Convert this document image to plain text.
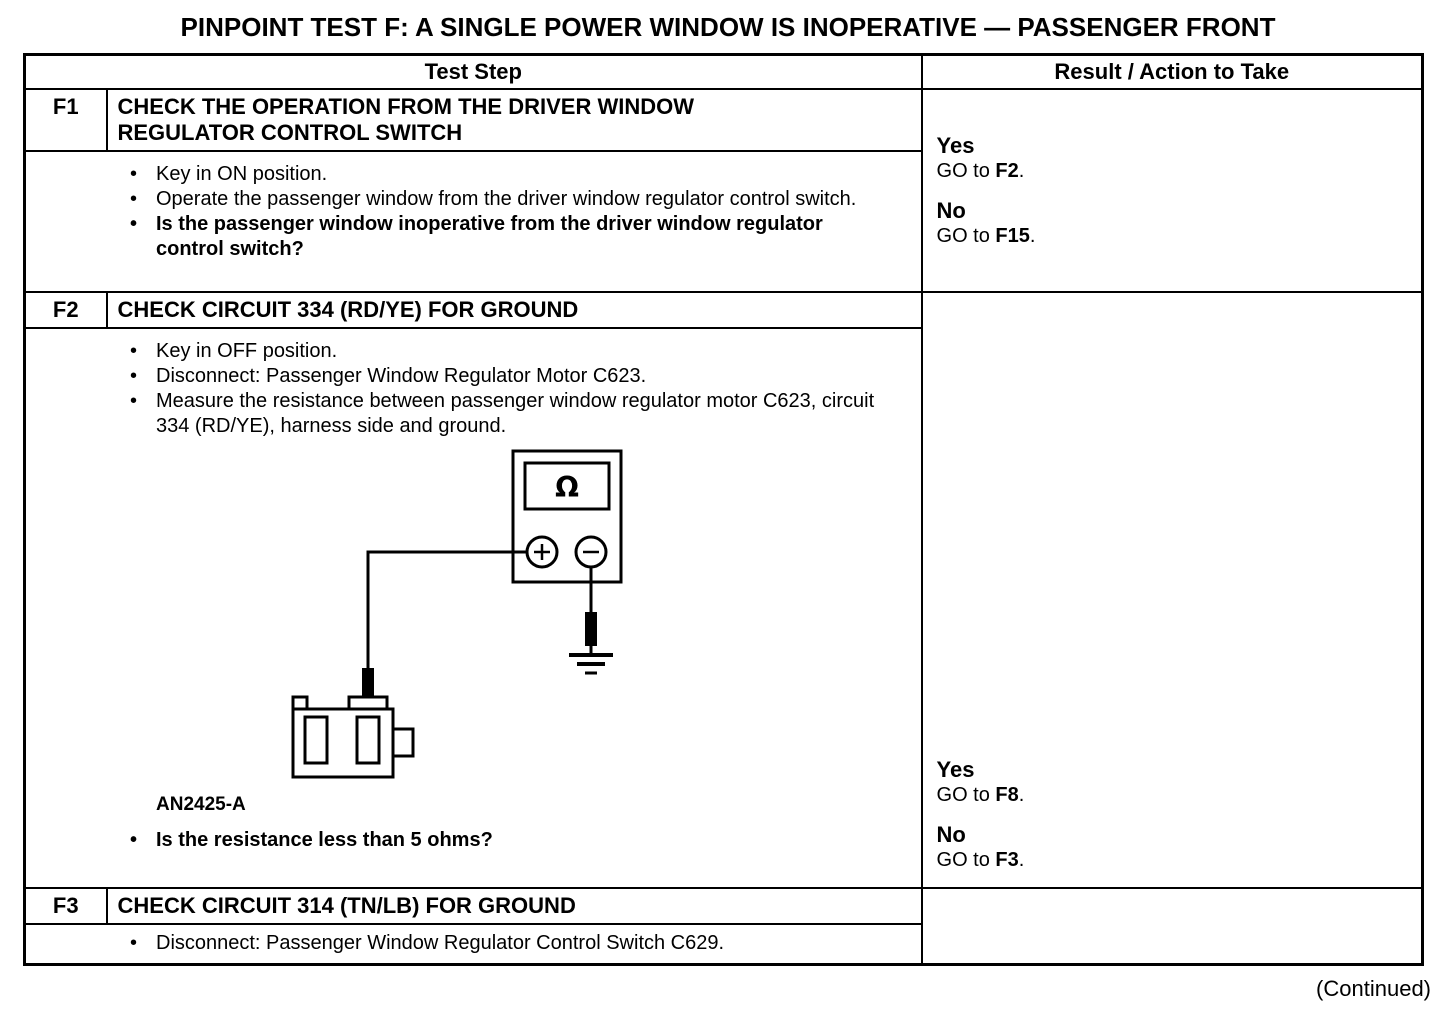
PINPOINT TEST F: A SINGLE POWER WINDOW IS INOPERATIVE — PASSENGER FRONT
Test Step		Result / Action to Take
F1	CHECK THE OPERATION FROM THE DRIVER WINDOW REGULATOR CONTROL SWITCH	Yes
GO to F2.
No
GO to F15.

• Key in ON position.
• Operate the passenger window from the driver window regulator control switch.
• Is the passenger window inoperative from the driver window regulator control switch?

F2	CHECK CIRCUIT 334 (RD/YE) FOR GROUND	Yes
GO to F8.
No
GO to F3.

• Key in OFF position.
• Disconnect: Passenger Window Regulator Motor C623.
• Measure the resistance between passenger window regulator motor C623, circuit 334 (RD/YE), harness side and ground.
Ω
AN2425-A
• Is the resistance less than 5 ohms?

F3	CHECK CIRCUIT 314 (TN/LB) FOR GROUND	

• Disconnect: Passenger Window Regulator Control Switch C629.
(Continued)
